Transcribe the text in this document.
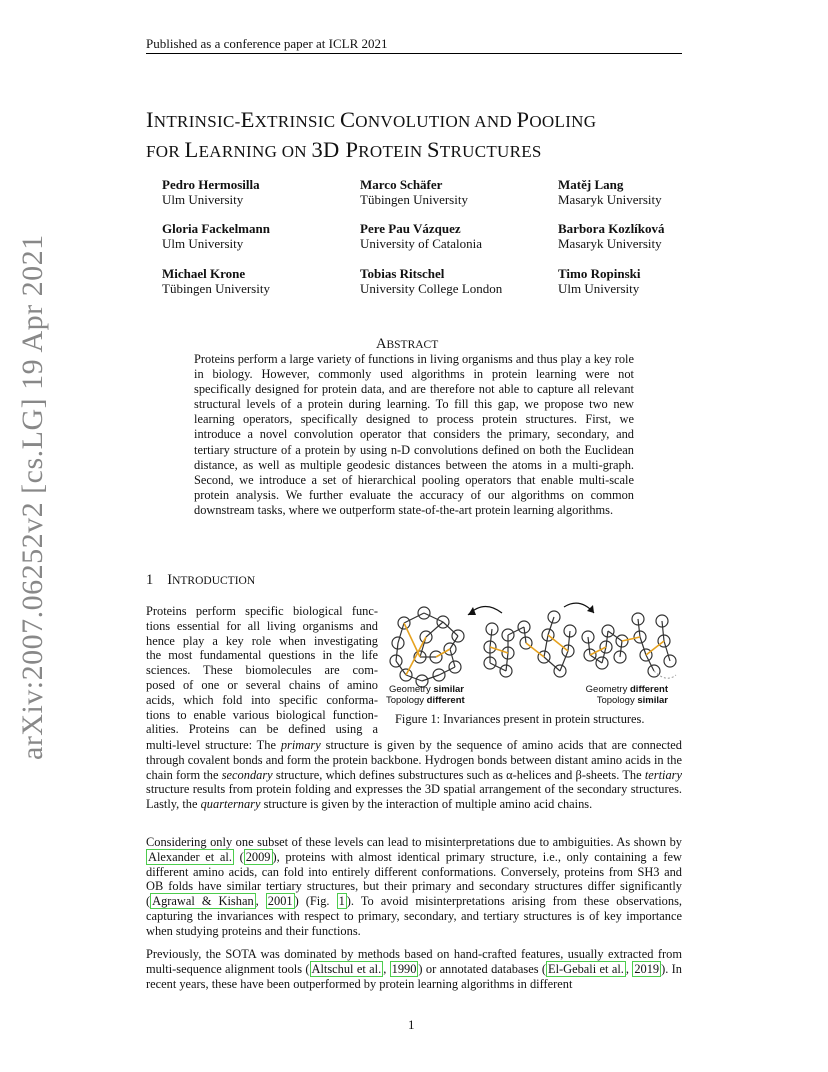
Published as a conference paper at ICLR 2021
INTRINSIC-EXTRINSIC CONVOLUTION AND POOLING
FOR LEARNING ON 3D PROTEIN STRUCTURES
Pedro Hermosilla
Ulm University
Marco Schäfer
Tübingen University
Matěj Lang
Masaryk University
Gloria Fackelmann
Ulm University
Pere Pau Vázquez
University of Catalonia
Barbora Kozlíková
Masaryk University
Michael Krone
Tübingen University
Tobias Ritschel
University College London
Timo Ropinski
Ulm University
ABSTRACT
Proteins perform a large variety of functions in living organisms and thus play a key role in biology. However, commonly used algorithms in protein learning were not specifically designed for protein data, and are therefore not able to capture all relevant structural levels of a protein during learning. To fill this gap, we propose two new learning operators, specifically designed to process protein structures. First, we introduce a novel convolution operator that considers the primary, secondary, and tertiary structure of a protein by using n-D convolutions defined on both the Euclidean distance, as well as multiple geodesic distances between the atoms in a multi-graph. Second, we introduce a set of hierarchical pooling operators that enable multi-scale protein analysis. We further evaluate the accuracy of our algorithms on common downstream tasks, where we outperform state-of-the-art protein learning algorithms.
1 INTRODUCTION
Proteins perform specific biological func-
tions essential for all living organisms and
hence play a key role when investigating
the most fundamental questions in the life
sciences. These biomolecules are com-
posed of one or several chains of amino
acids, which fold into specific conforma-
tions to enable various biological function-
alities. Proteins can be defined using a
Geometry similar
Topology different
Geometry different
Topology similar
Figure 1: Invariances present in protein structures.
multi-level structure: The primary structure is given by the sequence of amino acids that are connected through covalent bonds and form the protein backbone. Hydrogen bonds between distant amino acids in the chain form the secondary structure, which defines substructures such as α-helices and β-sheets. The tertiary structure results from protein folding and expresses the 3D spatial arrangement of the secondary structures. Lastly, the quarternary structure is given by the interaction of multiple amino acid chains.
Considering only one subset of these levels can lead to misinterpretations due to ambiguities. As shown by Alexander et al. ( 2009 ), proteins with almost identical primary structure, i.e., only containing a few different amino acids, can fold into entirely different conformations. Conversely, proteins from SH3 and OB folds have similar tertiary structures, but their primary and secondary structures differ significantly ( Agrawal & Kishan , 2001 ) (Fig. 1 ). To avoid misinterpretations arising from these observations, capturing the invariances with respect to primary, secondary, and tertiary structures is of key importance when studying proteins and their functions.
Previously, the SOTA was dominated by methods based on hand-crafted features, usually extracted from multi-sequence alignment tools ( Altschul et al. , 1990 ) or annotated databases ( El-Gebali et al. , 2019 ). In recent years, these have been outperformed by protein learning algorithms in different
arXiv:2007.06252v2 [cs.LG] 19 Apr 2021
1
